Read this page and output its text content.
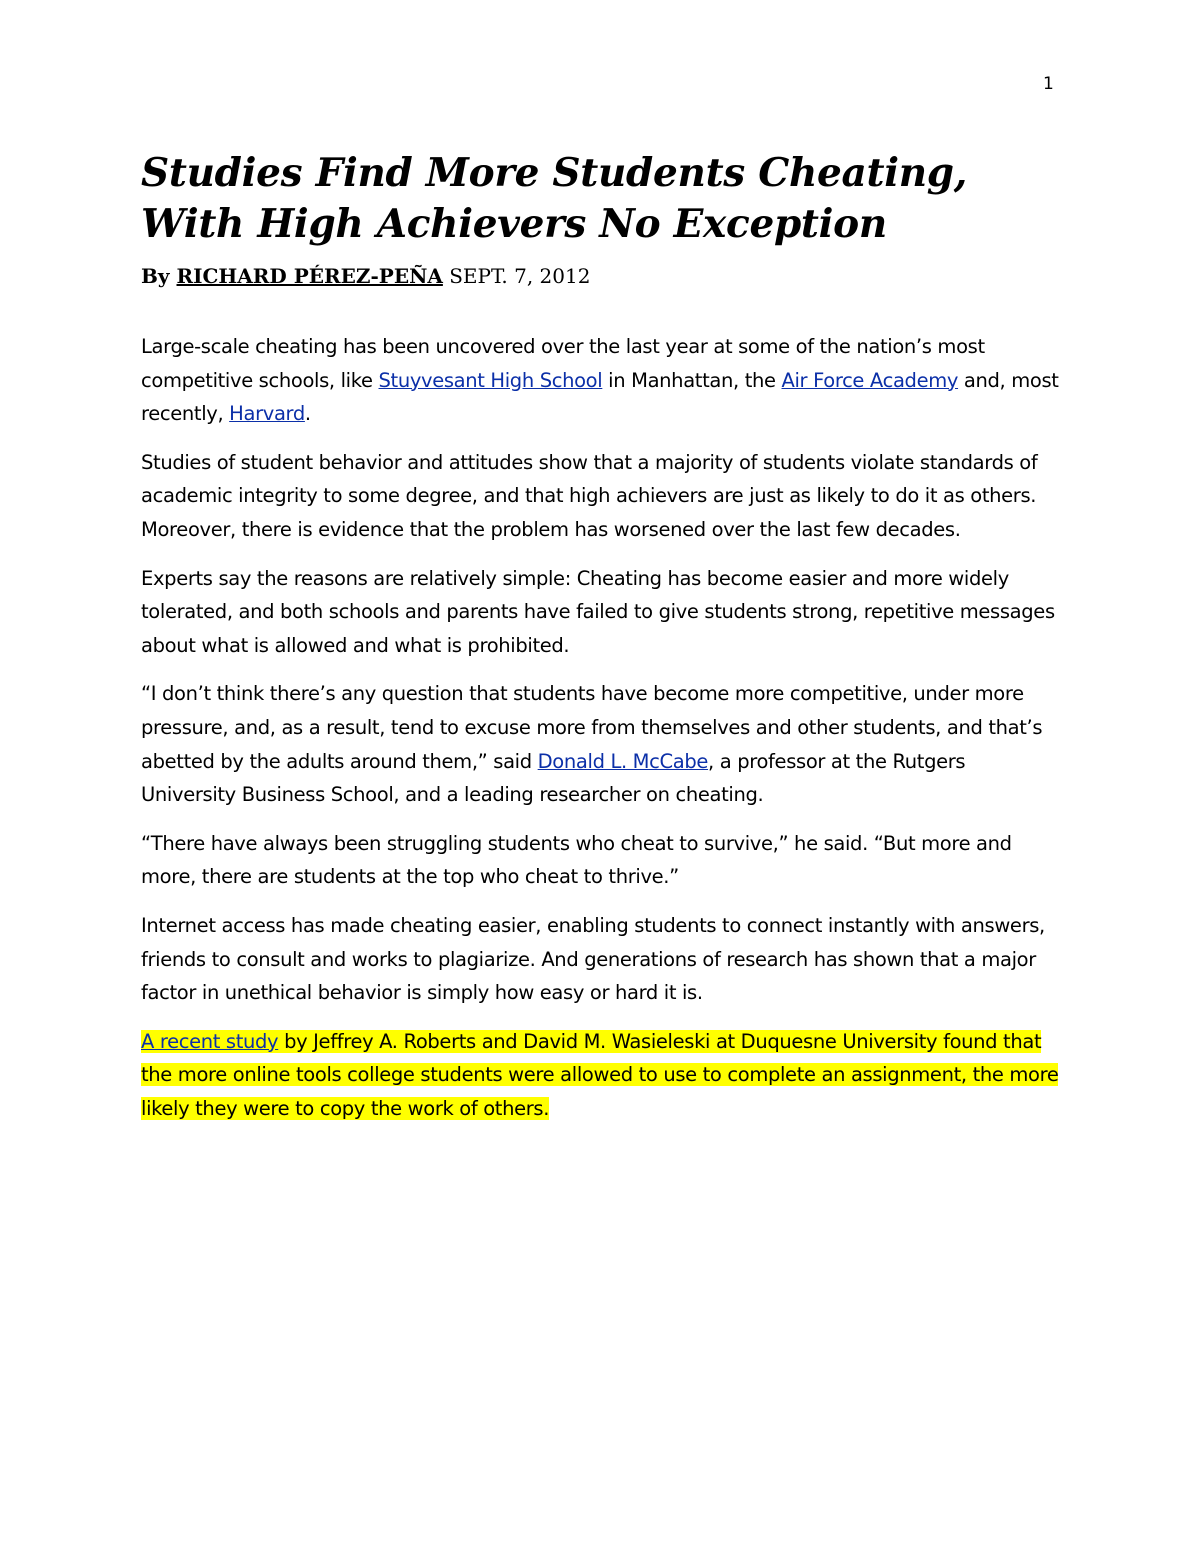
1
Studies Find More Students Cheating, With High Achievers No Exception
By RICHARD PÉREZ-PEÑA SEPT. 7, 2012

Large-scale cheating has been uncovered over the last year at some of the nation’s most competitive schools, like Stuyvesant High School in Manhattan, the Air Force Academy and, most recently, Harvard.

Studies of student behavior and attitudes show that a majority of students violate standards of academic integrity to some degree, and that high achievers are just as likely to do it as others. Moreover, there is evidence that the problem has worsened over the last few decades.

Experts say the reasons are relatively simple: Cheating has become easier and more widely tolerated, and both schools and parents have failed to give students strong, repetitive messages about what is allowed and what is prohibited.

“I don’t think there’s any question that students have become more competitive, under more pressure, and, as a result, tend to excuse more from themselves and other students, and that’s abetted by the adults around them,” said Donald L. McCabe, a professor at the Rutgers University Business School, and a leading researcher on cheating.

“There have always been struggling students who cheat to survive,” he said. “But more and more, there are students at the top who cheat to thrive.”

Internet access has made cheating easier, enabling students to connect instantly with answers, friends to consult and works to plagiarize. And generations of research has shown that a major factor in unethical behavior is simply how easy or hard it is.

A recent study by Jeffrey A. Roberts and David M. Wasieleski at Duquesne University found that the more online tools college students were allowed to use to complete an assignment, the more likely they were to copy the work of others.
